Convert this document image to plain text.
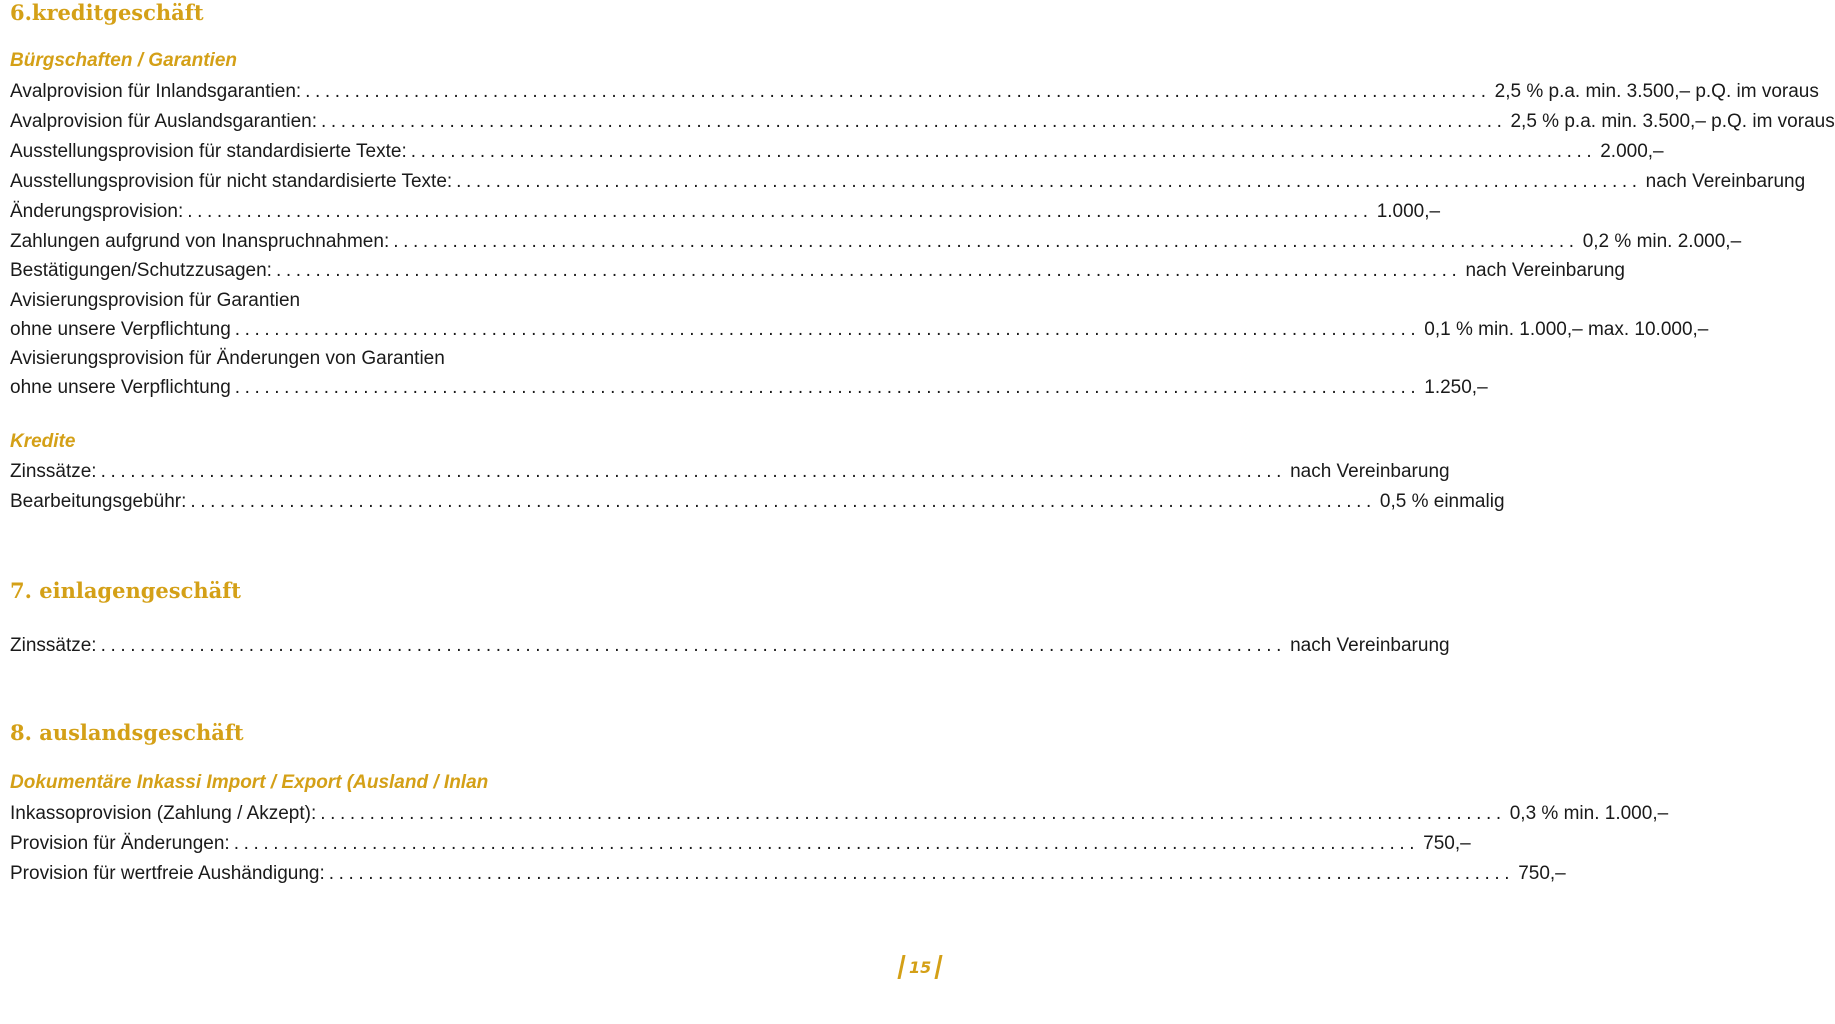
6.kreditgeschäft
Bürgschaften / Garantien
Avalprovision für Inlandsgarantien: ........................................................................................................................ 2,5 % p.a. min. 3.500,– p.Q. im voraus
Avalprovision für Auslandsgarantien: ........................................................................................................................ 2,5 % p.a. min. 3.500,– p.Q. im voraus
Ausstellungsprovision für standardisierte Texte: ........................................................................................................................ 2.000,–
Ausstellungsprovision für nicht standardisierte Texte: ........................................................................................................................ nach Vereinbarung
Änderungsprovision: ........................................................................................................................ 1.000,–
Zahlungen aufgrund von Inanspruchnahmen: ........................................................................................................................ 0,2 % min. 2.000,–
Bestätigungen/Schutzzusagen: ........................................................................................................................ nach Vereinbarung
Avisierungsprovision für Garantien
ohne unsere Verpflichtung ........................................................................................................................ 0,1 % min. 1.000,– max. 10.000,–
Avisierungsprovision für Änderungen von Garantien
ohne unsere Verpflichtung ........................................................................................................................ 1.250,–
Kredite
Zinssätze: ........................................................................................................................ nach Vereinbarung
Bearbeitungsgebühr: ........................................................................................................................ 0,5 % einmalig
7. einlagengeschäft
Zinssätze: ........................................................................................................................ nach Vereinbarung
8. auslandsgeschäft
Dokumentäre Inkassi Import / Export (Ausland / Inlan
Inkassoprovision (Zahlung / Akzept): ........................................................................................................................ 0,3 % min. 1.000,–
Provision für Änderungen: ........................................................................................................................ 750,–
Provision für wertfreie Aushändigung: ........................................................................................................................ 750,–
15
